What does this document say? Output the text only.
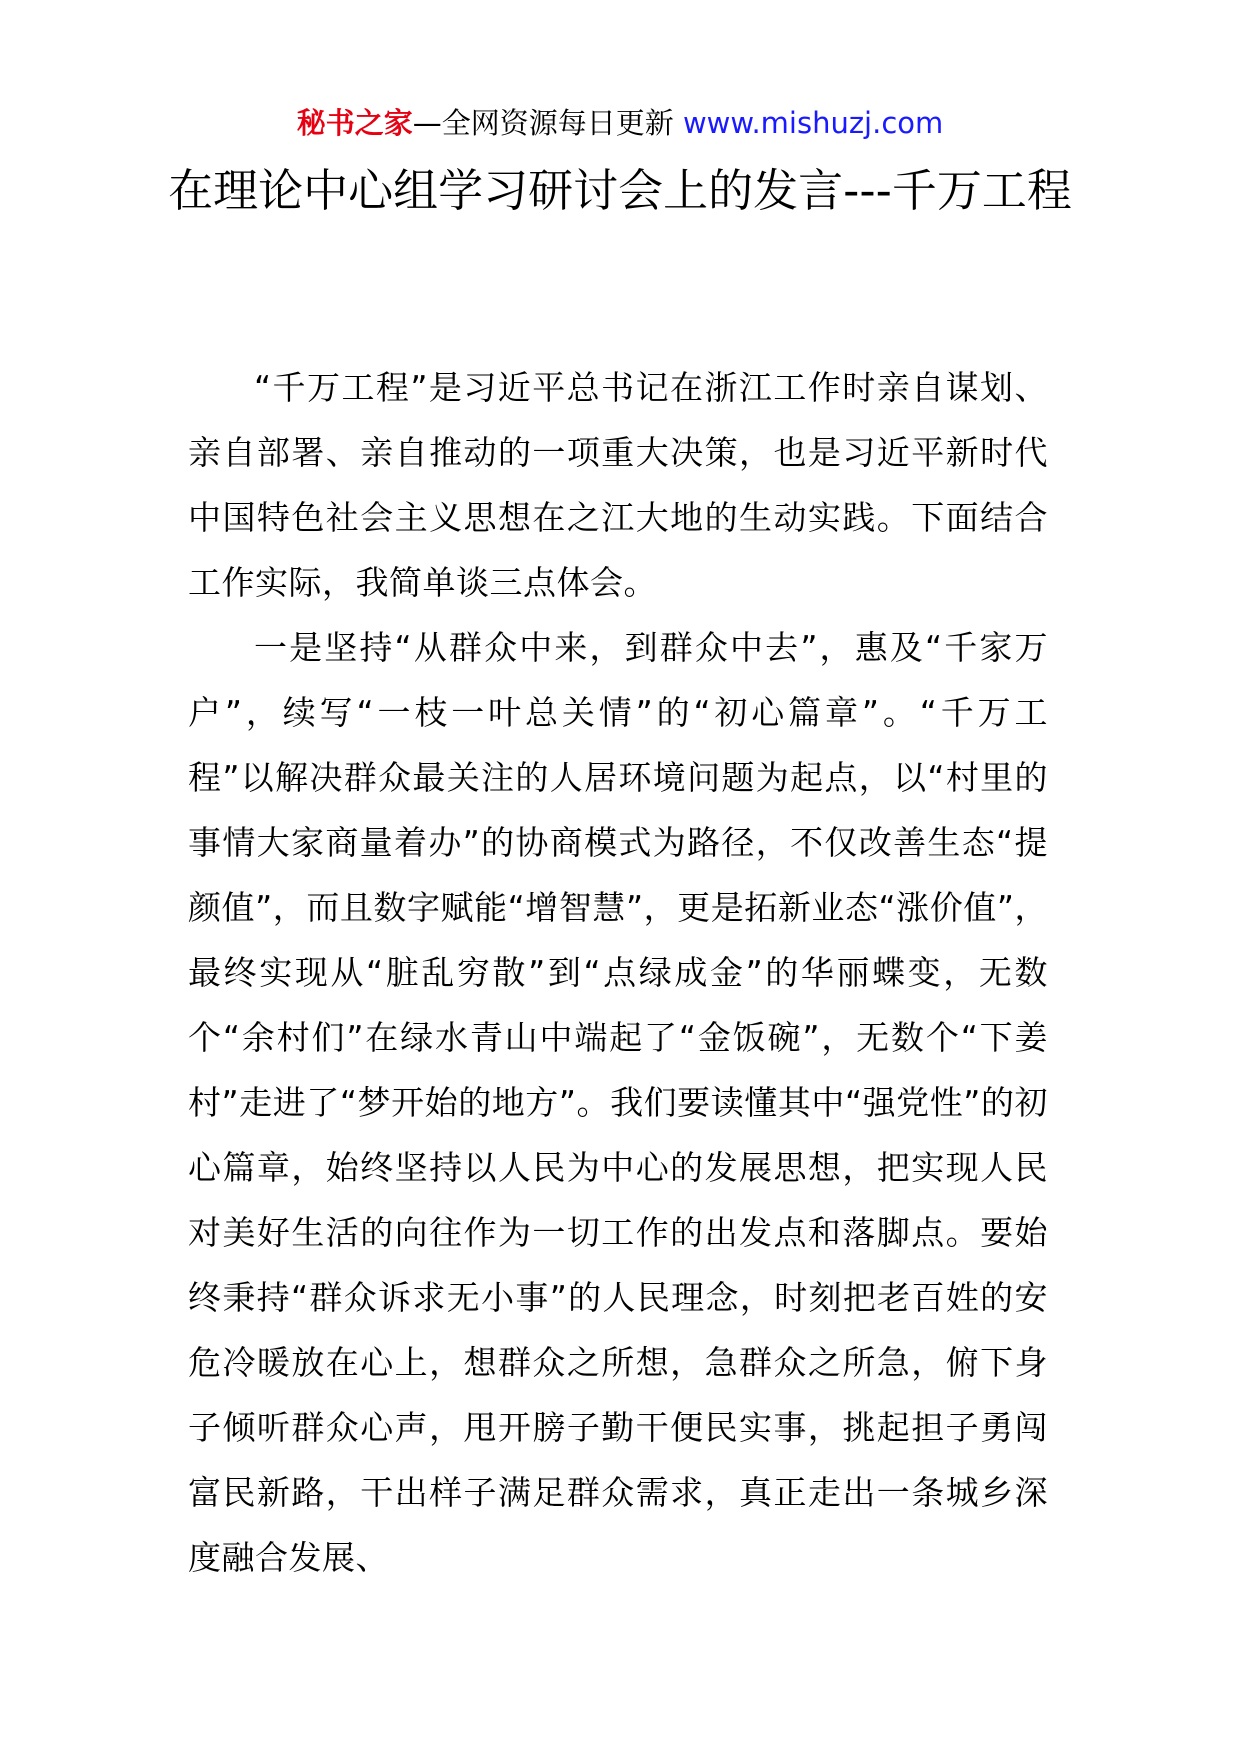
秘书之家—全网资源每日更新 www.mishuzj.com
在理论中心组学习研讨会上的发言---千万工程

“千万工程”是习近平总书记在浙江工作时亲自谋划、亲自部署、亲自推动的一项重大决策，也是习近平新时代中国特色社会主义思想在之江大地的生动实践。下面结合工作实际，我简单谈三点体会。

一是坚持“从群众中来，到群众中去”，惠及“千家万户”，续写“一枝一叶总关情”的“初心篇章”。“千万工程”以解决群众最关注的人居环境问题为起点，以“村里的事情大家商量着办”的协商模式为路径，不仅改善生态“提颜值”，而且数字赋能“增智慧”，更是拓新业态“涨价值”，最终实现从“脏乱穷散”到“点绿成金”的华丽蝶变，无数个“余村们”在绿水青山中端起了“金饭碗”，无数个“下姜村”走进了“梦开始的地方”。我们要读懂其中“强党性”的初心篇章，始终坚持以人民为中心的发展思想，把实现人民对美好生活的向往作为一切工作的出发点和落脚点。要始终秉持“群众诉求无小事”的人民理念，时刻把老百姓的安危冷暖放在心上，想群众之所想，急群众之所急，俯下身子倾听群众心声，甩开膀子勤干便民实事，挑起担子勇闯富民新路，干出样子满足群众需求，真正走出一条城乡深度融合发展、
